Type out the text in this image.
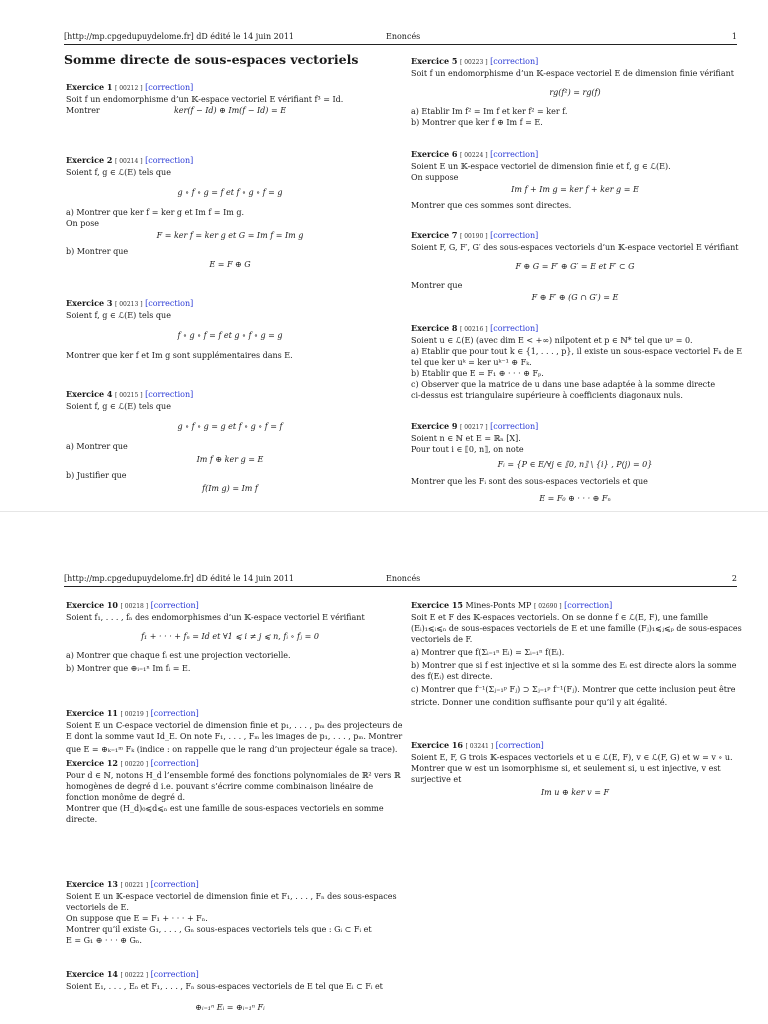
[http://mp.cpgedupuydelome.fr] dD édité le 14 juin 2011	Enoncés	1
Somme directe de sous-espaces vectoriels
Exercice 1 [ 00212 ] [correction]
Soit f un endomorphisme d’un 𝕂-espace vectoriel E vérifiant f³ = Id.
Montrer	ker(f − Id) ⊕ Im(f − Id) = E
Exercice 2 [ 00214 ] [correction]
Soient f, g ∈ ℒ(E) tels que
g ∘ f ∘ g = f et f ∘ g ∘ f = g
a) Montrer que ker f = ker g et Im f = Im g.
On pose
F = ker f = ker g et G = Im f = Im g
b) Montrer que
E = F ⊕ G
Exercice 3 [ 00213 ] [correction]
Soient f, g ∈ ℒ(E) tels que
f ∘ g ∘ f = f et g ∘ f ∘ g = g
Montrer que ker f et Im g sont supplémentaires dans E.
Exercice 4 [ 00215 ] [correction]
Soient f, g ∈ ℒ(E) tels que
g ∘ f ∘ g = g et f ∘ g ∘ f = f
a) Montrer que
Im f ⊕ ker g = E
b) Justifier que
f(Im g) = Im f
Exercice 5 [ 00223 ] [correction]
Soit f un endomorphisme d’un 𝕂-espace vectoriel E de dimension finie vérifiant
rg(f²) = rg(f)
a) Etablir Im f² = Im f et ker f² = ker f.
b) Montrer que ker f ⊕ Im f = E.
Exercice 6 [ 00224 ] [correction]
Soient E un 𝕂-espace vectoriel de dimension finie et f, g ∈ ℒ(E).
On suppose
Im f + Im g = ker f + ker g = E
Montrer que ces sommes sont directes.
Exercice 7 [ 00190 ] [correction]
Soient F, G, F′, G′ des sous-espaces vectoriels d’un 𝕂-espace vectoriel E vérifiant
F ⊕ G = F′ ⊕ G′ = E et F′ ⊂ G
Montrer que
F ⊕ F′ ⊕ (G ∩ G′) = E
Exercice 8 [ 00216 ] [correction]
Soient u ∈ ℒ(E) (avec dim E < +∞) nilpotent et p ∈ ℕ* tel que uᵖ = 0.
a) Etablir que pour tout k ∈ {1, . . . , p}, il existe un sous-espace vectoriel Fₖ de E
tel que ker uᵏ = ker uᵏ⁻¹ ⊕ Fₖ.
b) Etablir que E = F₁ ⊕ · · · ⊕ Fₚ.
c) Observer que la matrice de u dans une base adaptée à la somme directe
ci-dessus est triangulaire supérieure à coefficients diagonaux nuls.
Exercice 9 [ 00217 ] [correction]
Soient n ∈ ℕ et E = ℝₙ [X].
Pour tout i ∈ ⟦0, n⟧, on note
Fᵢ = {P ∈ E/∀j ∈ ⟦0, n⟧ \ {i} , P(j) = 0}
Montrer que les Fᵢ sont des sous-espaces vectoriels et que
E = F₀ ⊕ · · · ⊕ Fₙ
[http://mp.cpgedupuydelome.fr] dD édité le 14 juin 2011	Enoncés	2
Exercice 10 [ 00218 ] [correction]
Soient f₁, . . . , fₙ des endomorphismes d’un 𝕂-espace vectoriel E vérifiant
f₁ + · · · + fₙ = Id et ∀1 ⩽ i ≠ j ⩽ n, fᵢ ∘ fⱼ = 0
a) Montrer que chaque fᵢ est une projection vectorielle.
b) Montrer que ⊕ᵢ₌₁ⁿ Im fᵢ = E.
Exercice 11 [ 00219 ] [correction]
Soient E un ℂ-espace vectoriel de dimension finie et p₁, . . . , pₘ des projecteurs de
E dont la somme vaut Id_E. On note F₁, . . . , Fₘ les images de p₁, . . . , pₘ. Montrer
que E = ⊕ₖ₌₁ᵐ Fₖ (indice : on rappelle que le rang d’un projecteur égale sa trace).
Exercice 12 [ 00220 ] [correction]
Pour d ∈ ℕ, notons H_d l’ensemble formé des fonctions polynomiales de ℝ² vers ℝ
homogènes de degré d i.e. pouvant s’écrire comme combinaison linéaire de
fonction monôme de degré d.
Montrer que (H_d)₀⩽d⩽ₙ est une famille de sous-espaces vectoriels en somme
directe.
Exercice 13 [ 00221 ] [correction]
Soient E un 𝕂-espace vectoriel de dimension finie et F₁, . . . , Fₙ des sous-espaces
vectoriels de E.
On suppose que E = F₁ + · · · + Fₙ.
Montrer qu’il existe G₁, . . . , Gₙ sous-espaces vectoriels tels que : Gᵢ ⊂ Fᵢ et
E = G₁ ⊕ · · · ⊕ Gₙ.
Exercice 14 [ 00222 ] [correction]
Soient E₁, . . . , Eₙ et F₁, . . . , Fₙ sous-espaces vectoriels de E tel que Eᵢ ⊂ Fᵢ et
⊕ᵢ₌₁ⁿ Eᵢ = ⊕ᵢ₌₁ⁿ Fᵢ
Exercice 15 Mines-Ponts MP [ 02690 ] [correction]
Soit E et F des 𝕂-espaces vectoriels. On se donne f ∈ ℒ(E, F), une famille
(Eᵢ)₁⩽ᵢ⩽ₙ de sous-espaces vectoriels de E et une famille (Fⱼ)₁⩽ⱼ⩽ₚ de sous-espaces
vectoriels de F.
a) Montrer que f(Σᵢ₌₁ⁿ Eᵢ) = Σᵢ₌₁ⁿ f(Eᵢ).
b) Montrer que si f est injective et si la somme des Eᵢ est directe alors la somme
des f(Eᵢ) est directe.
c) Montrer que f⁻¹(Σⱼ₌₁ᵖ Fⱼ) ⊃ Σⱼ₌₁ᵖ f⁻¹(Fⱼ). Montrer que cette inclusion peut être
stricte. Donner une condition suffisante pour qu’il y ait égalité.
Exercice 16 [ 03241 ] [correction]
Soient E, F, G trois 𝕂-espaces vectoriels et u ∈ ℒ(E, F), v ∈ ℒ(F, G) et w = v ∘ u.
Montrer que w est un isomorphisme si, et seulement si, u est injective, v est
surjective et
Im u ⊕ ker v = F
